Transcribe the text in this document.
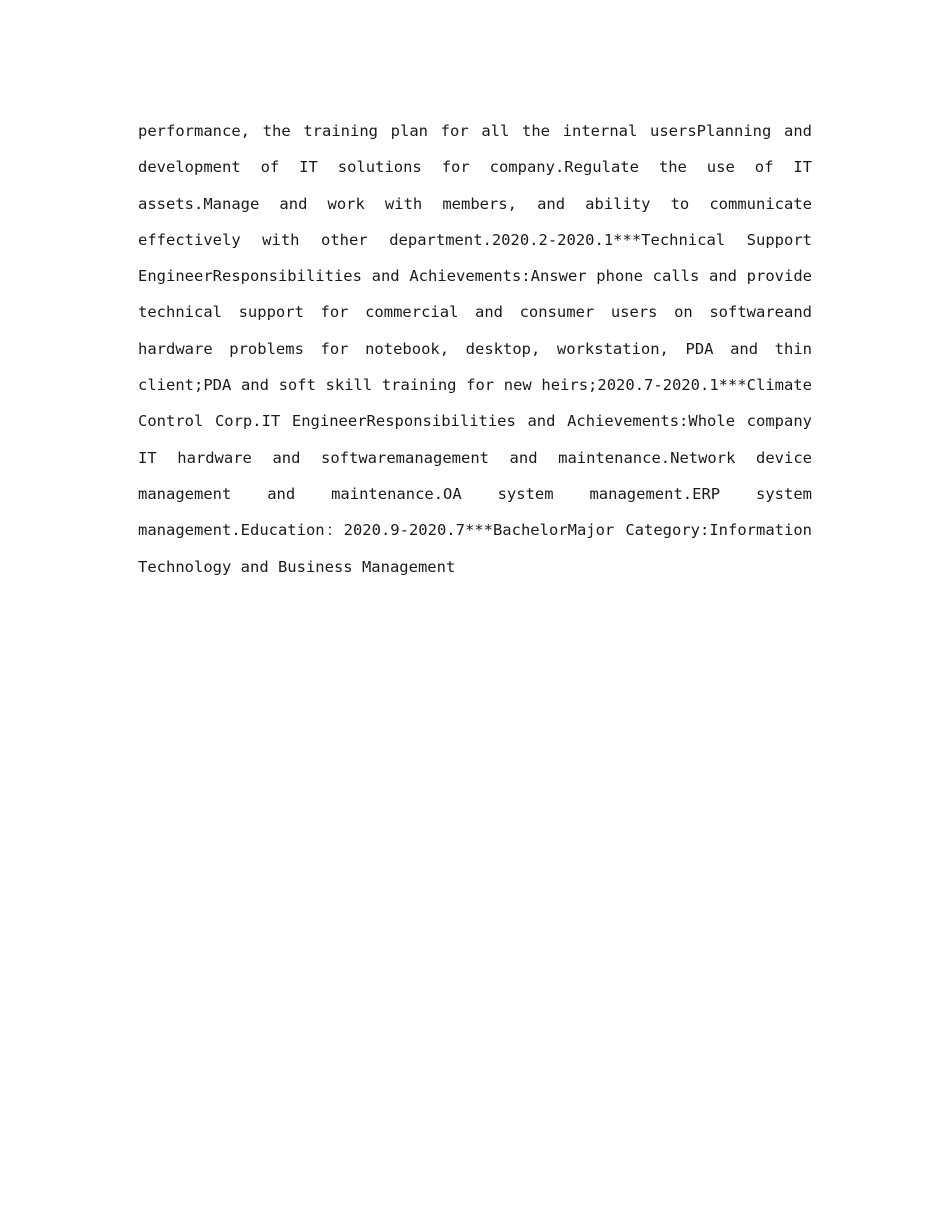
performance, the training plan for all the internal usersPlanning and development of IT solutions for company.Regulate the use of IT assets.Manage and work with members, and ability to communicate effectively with other department.2020.2-2020.1***Technical Support EngineerResponsibilities and Achievements:Answer phone calls and provide technical support for commercial and consumer users on softwareand hardware problems for notebook, desktop, workstation, PDA and thin client;PDA and soft skill training for new heirs;2020.7-2020.1***Climate Control Corp.IT EngineerResponsibilities and Achievements:Whole company IT hardware and softwaremanagement and maintenance.Network device management and maintenance.OA system management.ERP system management.Education：2020.9-2020.7***BachelorMajor Category:Information Technology and Business Management
